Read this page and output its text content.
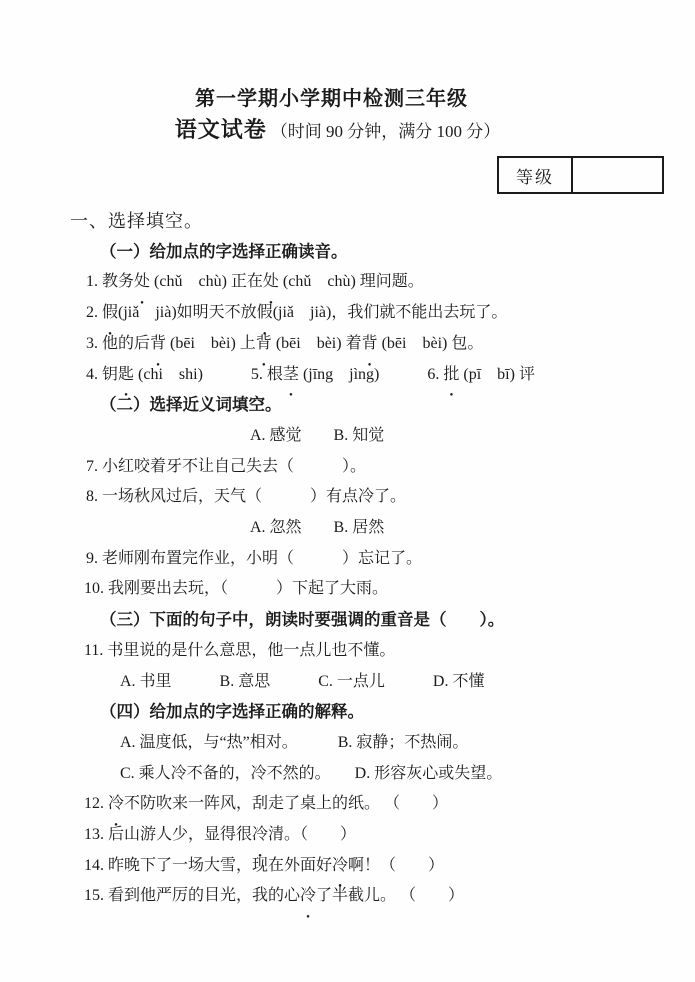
第一学期小学期中检测三年级
语文试卷 （时间 90 分钟，满分 100 分）
等级
一、选择填空。
（一）给加点的字选择正确读音。
1. 教务处 ● (chǔ　chù) 正在处 ● (chǔ　chù) 理问题。
2. 假 ●(jiǎ　jià)如明天不放假 ●(jiǎ　jià)，我们就不能出去玩了。
3. 他的后背 ● (bēi　bèi) 上背 ● (bēi　bèi) 着背 ● (bēi　bèi) 包。
4. 钥匙 ● (chi　shi)　　　5. 根茎 ● (jīng　jìng)　　　6. 批 ● (pī　bī) 评
（二）选择近义词填空。
A. 感觉　　B. 知觉
7. 小红咬着牙不让自己失去（　　　）。
8. 一场秋风过后，天气（　　　）有点冷了。
A. 忽然　　B. 居然
9. 老师刚布置完作业，小明（　　　）忘记了。
10. 我刚要出去玩，（　　　）下起了大雨。
（三）下面的句子中，朗读时要强调的重音是（　　）。
11. 书里说的是什么意思，他一点儿也不懂。
A. 书里　　　B. 意思　　　C. 一点儿　　　D. 不懂
（四）给加点的字选择正确的解释。
A. 温度低，与“热”相对。　　　B. 寂静；不热闹。
C. 乘人冷不备的，冷不然的。　　D. 形容灰心或失望。
12. 冷 ●不防吹来一阵风，刮走了桌上的纸。 （　　）
13. 后山游人少，显得很冷 ●清。（　　）
14. 昨晚下了一场大雪，现在外面好冷 ●啊！（　　）
15. 看到他严厉的目光，我的心冷 ●了半截儿。 （　　）
